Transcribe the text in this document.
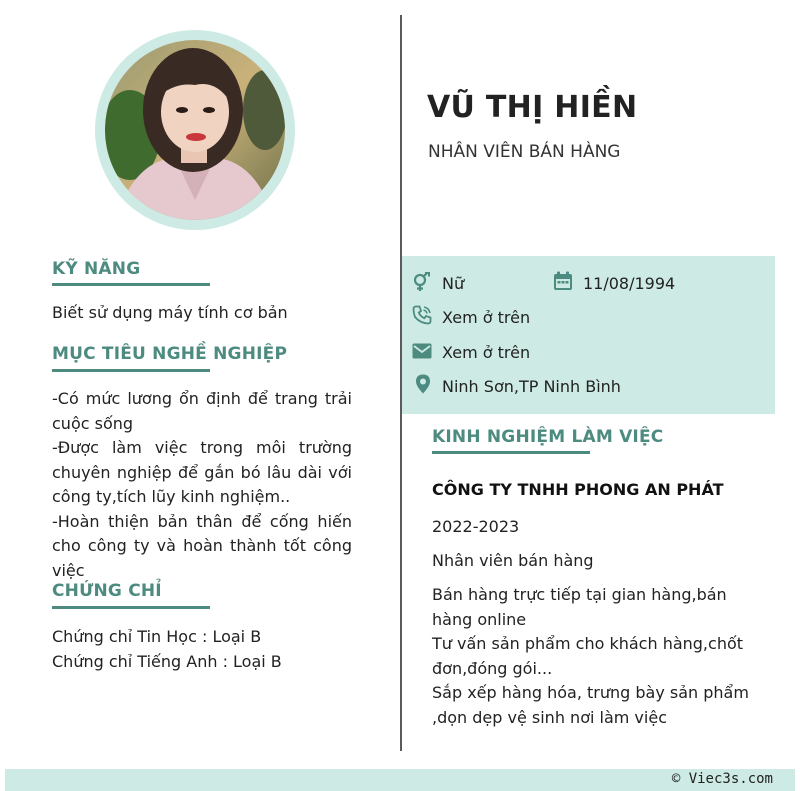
KỸ NĂNG
Biết sử dụng máy tính cơ bản
MỤC TIÊU NGHỀ NGHIỆP
-Có mức lương ổn định để trang trải cuộc sống
-Được làm việc trong môi trường chuyên nghiệp để gắn bó lâu dài với công ty,tích lũy kinh nghiệm..
-Hoàn thiện bản thân để cống hiến cho công ty và hoàn thành tốt công việc
CHỨNG CHỈ
Chứng chỉ Tin Học : Loại B
Chứng chỉ Tiếng Anh : Loại B
VŨ THỊ HIỀN
NHÂN VIÊN BÁN HÀNG
Nữ	11/08/1994
Xem ở trên
Xem ở trên
Ninh Sơn,TP Ninh Bình
KINH NGHIỆM LÀM VIỆC
CÔNG TY TNHH PHONG AN PHÁT
2022-2023
Nhân viên bán hàng
Bán hàng trực tiếp tại gian hàng,bán hàng online
Tư vấn sản phẩm cho khách hàng,chốt đơn,đóng gói...
Sắp xếp hàng hóa, trưng bày sản phẩm ,dọn dẹp vệ sinh nơi làm việc
© Viec3s.com
